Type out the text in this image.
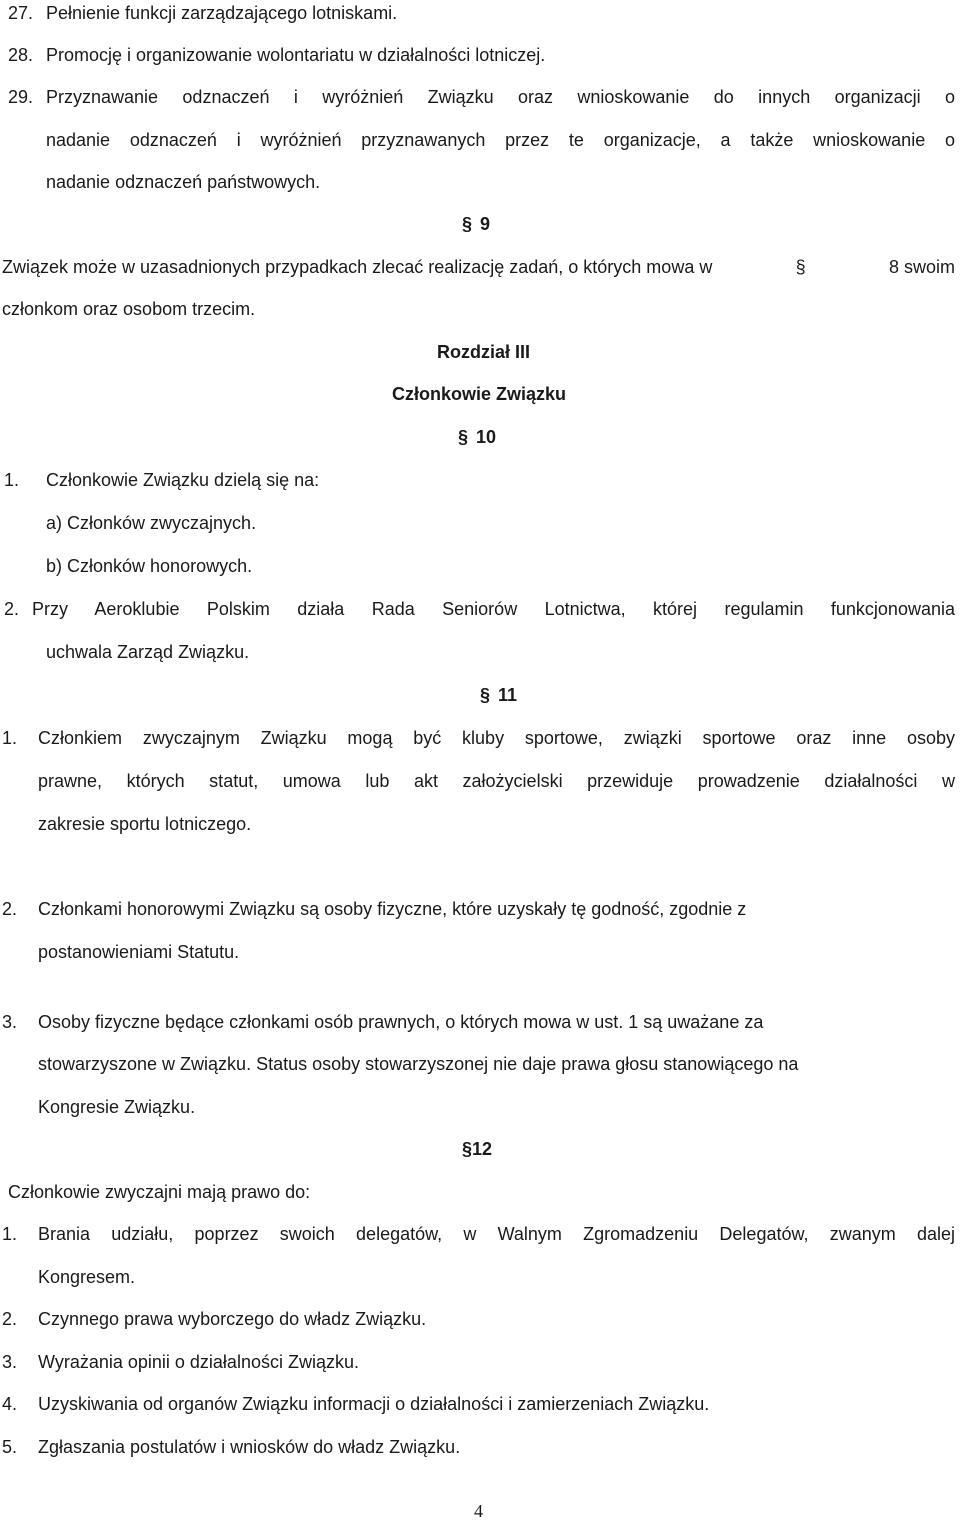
27. Pełnienie funkcji zarządzającego lotniskami.
28. Promocję i organizowanie wolontariatu w działalności lotniczej.
29. Przyznawanie odznaczeń i wyróżnień Związku oraz wnioskowanie do innych organizacji o
nadanie odznaczeń i wyróżnień przyznawanych przez te organizacje, a także wnioskowanie o
nadanie odznaczeń państwowych.
§ 9
Związek może w uzasadnionych przypadkach zlecać realizację zadań, o których mowa w	§	8 swoim
członkom oraz osobom trzecim.
Rozdział III
Członkowie Związku
§ 10
1. Członkowie Związku dzielą się na:
a) Członków zwyczajnych.
b) Członków honorowych.
2. Przy Aeroklubie Polskim działa Rada Seniorów Lotnictwa, której regulamin funkcjonowania
uchwala Zarząd Związku.
§ 11
1. Członkiem zwyczajnym Związku mogą być kluby sportowe, związki sportowe oraz inne osoby
prawne, których statut, umowa lub akt założycielski przewiduje prowadzenie działalności w
zakresie sportu lotniczego.
2. Członkami honorowymi Związku są osoby fizyczne, które uzyskały tę godność, zgodnie z
postanowieniami Statutu.
3. Osoby fizyczne będące członkami osób prawnych, o których mowa w ust. 1 są uważane za
stowarzyszone w Związku. Status osoby stowarzyszonej nie daje prawa głosu stanowiącego na
Kongresie Związku.
§12
Członkowie zwyczajni mają prawo do:
1. Brania udziału, poprzez swoich delegatów, w Walnym Zgromadzeniu Delegatów, zwanym dalej
Kongresem.
2. Czynnego prawa wyborczego do władz Związku.
3. Wyrażania opinii o działalności Związku.
4. Uzyskiwania od organów Związku informacji o działalności i zamierzeniach Związku.
5. Zgłaszania postulatów i wniosków do władz Związku.
4
